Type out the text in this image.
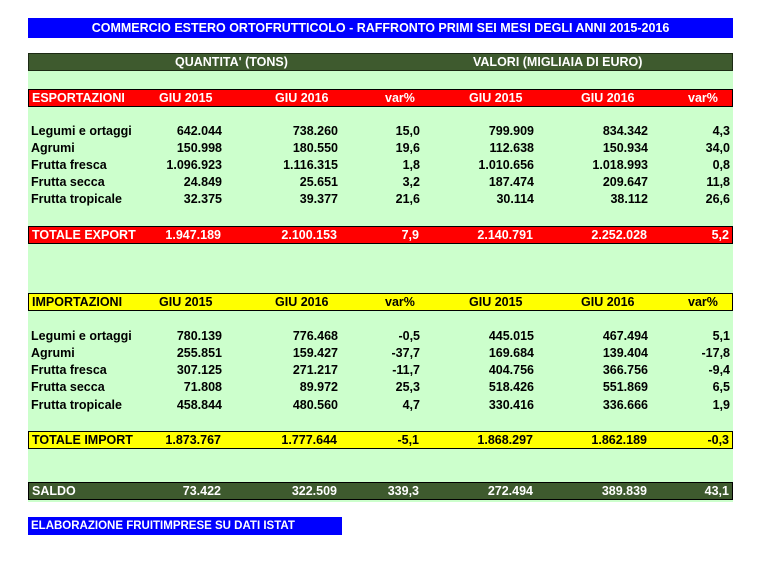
COMMERCIO ESTERO ORTOFRUTTICOLO - RAFFRONTO PRIMI SEI MESI DEGLI ANNI 2015-2016
QUANTITA' (TONS)	VALORI (MIGLIAIA DI EURO)
ESPORTAZIONI	GIU 2015	GIU 2016	var%	GIU 2015	GIU 2016	var%
Legumi e ortaggi	642.044	738.260	15,0	799.909	834.342	4,3
Agrumi	150.998	180.550	19,6	112.638	150.934	34,0
Frutta fresca	1.096.923	1.116.315	1,8	1.010.656	1.018.993	0,8
Frutta secca	24.849	25.651	3,2	187.474	209.647	11,8
Frutta tropicale	32.375	39.377	21,6	30.114	38.112	26,6
TOTALE EXPORT 1.947.189	2.100.153	7,9	2.140.791	2.252.028	5,2
IMPORTAZIONI	GIU 2015	GIU 2016	var%	GIU 2015	GIU 2016	var%
Legumi e ortaggi	780.139	776.468	-0,5	445.015	467.494	5,1
Agrumi	255.851	159.427	-37,7	169.684	139.404	-17,8
Frutta fresca	307.125	271.217	-11,7	404.756	366.756	-9,4
Frutta secca	71.808	89.972	25,3	518.426	551.869	6,5
Frutta tropicale	458.844	480.560	4,7	330.416	336.666	1,9
TOTALE IMPORT	1.873.767	1.777.644	-5,1	1.868.297	1.862.189	-0,3
SALDO	73.422	322.509	339,3	272.494	389.839	43,1
ELABORAZIONE FRUITIMPRESE SU DATI ISTAT
